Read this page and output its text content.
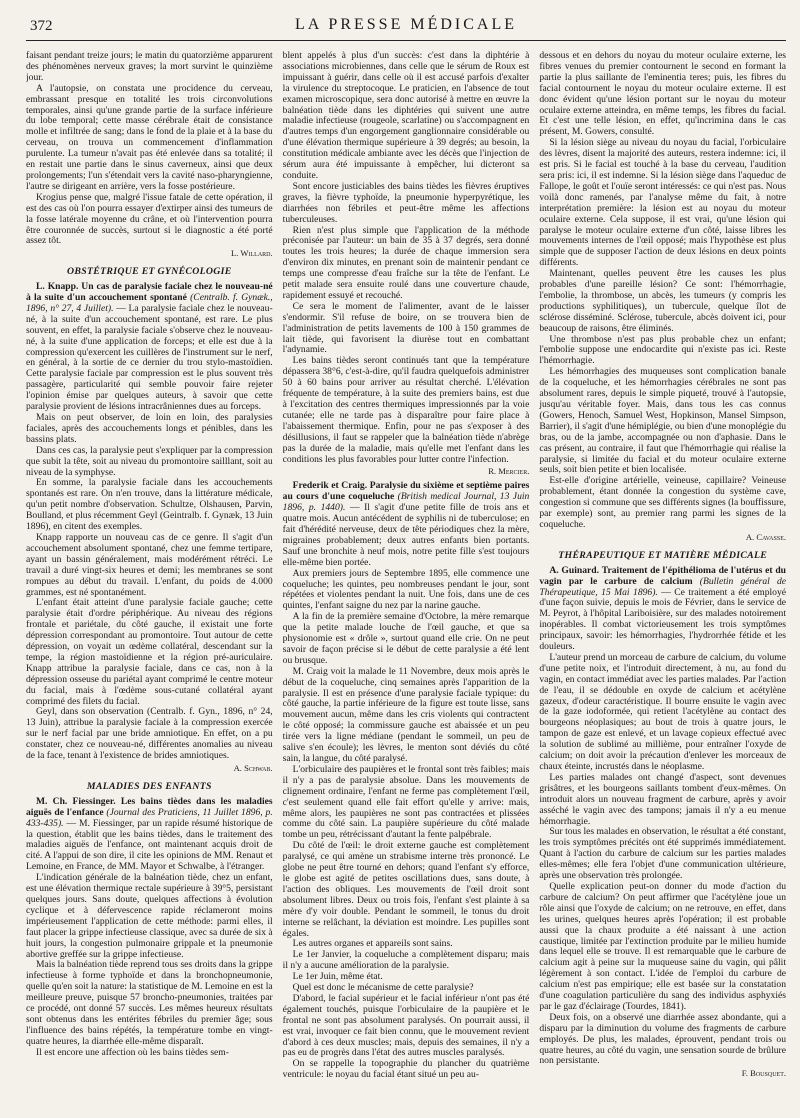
372	LA PRESSE MÉDICALE

faisant pendant treize jours; le matin du quatorzième apparurent des phénomènes nerveux graves; la mort survint le quinzième jour.

A l'autopsie, on constata une procidence du cerveau, embrassant presque en totalité les trois circonvolutions temporales, ainsi qu'une grande partie de la surface inférieure du lobe temporal; cette masse cérébrale était de consistance molle et infiltrée de sang; dans le fond de la plaie et à la base du cerveau, on trouva un commencement d'inflammation purulente. La tumeur n'avait pas été enlevée dans sa totalité; il en restait une partie dans le sinus caverneux, ainsi que deux prolongements; l'un s'étendait vers la cavité naso-pharyngienne, l'autre se dirigeant en arrière, vers la fosse postérieure.

Krogius pense que, malgré l'issue fatale de cette opération, il est des cas où l'on pourra essayer d'extirper ainsi des tumeurs de la fosse latérale moyenne du crâne, et où l'intervention pourra être couronnée de succès, surtout si le diagnostic a été porté assez tôt.

L. Willard.
OBSTÉTRIQUE ET GYNÉCOLOGIE

L. Knapp. Un cas de paralysie faciale chez le nouveau-né à la suite d'un accouchement spontané (Centralb. f. Gynæk., 1896, n° 27, 4 Juillet). — La paralysie faciale chez le nouveau-né, à la suite d'un accouchement spontané, est rare. Le plus souvent, en effet, la paralysie faciale s'observe chez le nouveau-né, à la suite d'une application de forceps; et elle est due à la compression qu'exercent les cuillères de l'instrument sur le nerf, en général, à la sortie de ce dernier du trou stylo-mastoïdien. Cette paralysie faciale par compression est le plus souvent très passagère, particularité qui semble pouvoir faire rejeter l'opinion émise par quelques auteurs, à savoir que cette paralysie provient de lésions intracrâniennes dues au forceps.

Mais on peut observer, de loin en loin, des paralysies faciales, après des accouchements longs et pénibles, dans les bassins plats.

Dans ces cas, la paralysie peut s'expliquer par la compression que subit la tête, soit au niveau du promontoire sailllant, soit au niveau de la symphyse.

En somme, la paralysie faciale dans les accouchements spontanés est rare. On n'en trouve, dans la littérature médicale, qu'un petit nombre d'observation. Schultze, Olshausen, Parvin, Boulland, et plus récemment Geyl (Geintralb. f. Gynæk, 13 Juin 1896), en citent des exemples.

Knapp rapporte un nouveau cas de ce genre. Il s'agit d'un accouchement absolument spontané, chez une femme tertipare, ayant un bassin généralement, mais modérément rétréci. Le travail a duré vingt-six heures et demi; les membranes se sont rompues au début du travail. L'enfant, du poids de 4.000 grammes, est né spontanément.

L'enfant était atteint d'une paralysie faciale gauche; cette paralysie était d'ordre périphérique. Au niveau des régions frontale et pariétale, du côté gauche, il existait une forte dépression correspondant au promontoire. Tout autour de cette dépression, on voyait un œdème collatéral, descendant sur la tempe, la région mastoïdienne et la région pré-auriculaire. Knapp attribue la paralysie faciale, dans ce cas, non à la dépression osseuse du pariétal ayant comprimé le centre moteur du facial, mais à l'œdème sous-cutané collatéral ayant comprimé des filets du facial.

Geyl, dans son observation (Centralb. f. Gyn., 1896, n° 24, 13 Juin), attribue la paralysie faciale à la compression exercée sur le nerf facial par une bride amniotique. En effet, on a pu constater, chez ce nouveau-né, différentes anomalies au niveau de la face, tenant à l'existence de brides amniotiques.

A. Schwab.
MALADIES DES ENFANTS

M. Ch. Fiessinger. Les bains tièdes dans les maladies aiguës de l'enfance (Journal des Praticiens, 11 Juillet 1896, p. 433-435). — M. Fiessinger, par un rapide résumé historique de la question, établit que les bains tièdes, dans le traitement des maladies aiguës de l'enfance, ont maintenant acquis droit de cité. A l'appui de son dire, il cite les opinions de MM. Renaut et Lemoine, en France, de MM. Mayor et Schwalbe, à l'étranger.

L'indication générale de la balnéation tiède, chez un enfant, est une élévation thermique rectale supérieure à 39°5, persistant quelques jours. Sans doute, quelques affections à évolution cyclique et à défervescence rapide réclameront moins impérieusement l'application de cette méthode: parmi elles, il faut placer la grippe infectieuse classique, avec sa durée de six à huit jours, la congestion pulmonaire grippale et la pneumonie abortive greffée sur la grippe infectieuse.

Mais la balnéation tiède reprend tous ses droits dans la grippe infectieuse à forme typhoïde et dans la bronchopneumonie, quelle qu'en soit la nature: la statistique de M. Lemoine en est la meilleure preuve, puisque 57 broncho-pneumonies, traitées par ce procédé, ont donné 57 succès. Les mêmes heureux résultats sont obtenus dans les entérites fébriles du premier âge; sous l'influence des bains répétés, la température tombe en vingt-quatre heures, la diarrhée elle-même disparaît.

Il est encore une affection où les bains tièdes sem-

blent appelés à plus d'un succès: c'est dans la diphtérie à associations microbiennes, dans celle que le sérum de Roux est impuissant à guérir, dans celle où il est accusé parfois d'exalter la virulence du streptocoque. Le praticien, en l'absence de tout examen microscopique, sera donc autorisé à mettre en œuvre la balnéation tiède dans les diphtéries qui suivent une autre maladie infectieuse (rougeole, scarlatine) ou s'accompagnent en d'autres temps d'un engorgement ganglionnaire considérable ou d'une élévation thermique supérieure à 39 degrés; au besoin, la constitution médicale ambiante avec les décès que l'injection de sérum aura été impuissante à empêcher, lui dicteront sa conduite.

Sont encore justiciables des bains tièdes les fièvres éruptives graves, la fièvre typhoïde, la pneumonie hyperpyrétique, les diarrhées non fébriles et peut-être même les affections tuberculeuses.

Rien n'est plus simple que l'application de la méthode préconisée par l'auteur: un bain de 35 à 37 degrés, sera donné toutes les trois heures; la durée de chaque immersion sera d'environ dix minutes, en prenant soin de maintenir pendant ce temps une compresse d'eau fraîche sur la tête de l'enfant. Le petit malade sera ensuite roulé dans une couverture chaude, rapidement essuyé et recouché.

Ce sera le moment de l'alimenter, avant de le laisser s'endormir. S'il refuse de boire, on se trouvera bien de l'administration de petits lavements de 100 à 150 grammes de lait tiède, qui favorisent la diurèse tout en combattant l'adynamie.

Les bains tièdes seront continués tant que la température dépassera 38°6, c'est-à-dire, qu'il faudra quelquefois administrer 50 à 60 bains pour arriver au résultat cherché. L'élévation fréquente de température, à la suite des premiers bains, est due à l'excitation des centres thermiques impressionnés par la voie cutanée; elle ne tarde pas à disparaître pour faire place à l'abaissement thermique. Enfin, pour ne pas s'exposer à des désillusions, il faut se rappeler que la balnéation tiède n'abrège pas la durée de la maladie, mais qu'elle met l'enfant dans les conditions les plus favorables pour lutter contre l'infection.

R. Mercier.

Frederik et Craig. Paralysie du sixième et septième paires au cours d'une coqueluche (British medical Journal, 13 Juin 1896, p. 1440). — Il s'agit d'une petite fille de trois ans et quatre mois. Aucun antécédent de syphilis ni de tuberculose; en fait d'hérédité nerveuse, deux de tête périodiques chez la mère, migraines probablement; deux autres enfants bien portants. Sauf une bronchite à neuf mois, notre petite fille s'est toujours elle-même bien portée.

Aux premiers jours de Septembre 1895, elle commence une coqueluche; les quintes, peu nombreuses pendant le jour, sont répétées et violentes pendant la nuit. Une fois, dans une de ces quintes, l'enfant saigne du nez par la narine gauche.

A la fin de la première semaine d'Octobre, la mère remarque que la petite malade louche de l'œil gauche, et que sa physionomie est « drôle », surtout quand elle crie. On ne peut savoir de façon précise si le début de cette paralysie a été lent ou brusque.

M. Craig voit la malade le 11 Novembre, deux mois après le début de la coqueluche, cinq semaines après l'apparition de la paralysie. Il est en présence d'une paralysie faciale typique: du côté gauche, la partie inférieure de la figure est toute lisse, sans mouvement aucun, même dans les cris violents qui contractent le côté opposé; la commissure gauche est abaissée et un peu tirée vers la ligne médiane (pendant le sommeil, un peu de salive s'en écoule); les lèvres, le menton sont déviés du côté sain, la langue, du côté paralysé.

L'orbiculaire des paupières et le frontal sont très faibles; mais il n'y a pas de paralysie absolue. Dans les mouvements de clignement ordinaire, l'enfant ne ferme pas complètement l'œil, c'est seulement quand elle fait effort qu'elle y arrive: mais, même alors, les paupières ne sont pas contractées et plissées comme du côté sain. La paupière supérieure du côté malade tombe un peu, rétrécissant d'autant la fente palpébrale.

Du côté de l'œil: le droit externe gauche est complètement paralysé, ce qui amène un strabisme interne très prononcé. Le globe ne peut être tourné en dehors; quand l'enfant s'y efforce, le globe est agité de petites oscillations dues, sans doute, à l'action des obliques. Les mouvements de l'œil droit sont absolument libres. Deux ou trois fois, l'enfant s'est plainte à sa mère d'y voir double. Pendant le sommeil, le tonus du droit interne se relâchant, la déviation est moindre. Les pupilles sont égales.

Les autres organes et appareils sont sains.

Le 1er Janvier, la coqueluche a complètement disparu; mais il n'y a aucune amélioration de la paralysie.

Le 1er Juin, même état.

Quel est donc le mécanisme de cette paralysie?

D'abord, le facial supérieur et le facial inférieur n'ont pas été également touchés, puisque l'orbiculaire de la paupière et le frontal ne sont pas absolument paralysés. On pourrait aussi, il est vrai, invoquer ce fait bien connu, que le mouvement revient d'abord à ces deux muscles; mais, depuis des semaines, il n'y a pas eu de progrès dans l'état des autres muscles paralysés.

On se rappelle la topographie du plancher du quatrième ventricule: le noyau du facial étant situé un peu au-

dessous et en dehors du noyau du moteur oculaire externe, les fibres venues du premier contournent le second en formant la partie la plus saillante de l'eminentia teres; puis, les fibres du facial contournent le noyau du moteur oculaire externe. Il est donc évident qu'une lésion portant sur le noyau du moteur oculaire externe atteindra, en même temps, les fibres du facial. Et c'est une telle lésion, en effet, qu'incrimina dans le cas présent, M. Gowers, consulté.

Si la lésion siège au niveau du noyau du facial, l'orbiculaire des lèvres, disent la majorité des auteurs, restera indemne: ici, il est pris. Si le facial est touché à la base du cerveau, l'audition sera pris: ici, il est indemne. Si la lésion siège dans l'aqueduc de Fallope, le goût et l'ouïe seront intéressés: ce qui n'est pas. Nous voilà donc ramenés, par l'analyse même du fait, à notre interprétation première: la lésion est au noyau du moteur oculaire externe. Cela suppose, il est vrai, qu'une lésion qui paralyse le moteur oculaire externe d'un côté, laisse libres les mouvements internes de l'œil opposé; mais l'hypothèse est plus simple que de supposer l'action de deux lésions en deux points différents.

Maintenant, quelles peuvent être les causes les plus probables d'une pareille lésion? Ce sont: l'hémorrhagie, l'embolie, la thrombose, un abcès, les tumeurs (y compris les productions syphilitiques), un tubercule, quelque îlot de sclérose disséminé. Sclérose, tubercule, abcès doivent ici, pour beaucoup de raisons, être éliminés.

Une thrombose n'est pas plus probable chez un enfant; l'embolie suppose une endocardite qui n'existe pas ici. Reste l'hémorrhagie.

Les hémorrhagies des muqueuses sont complication banale de la coqueluche, et les hémorrhagies cérébrales ne sont pas absolument rares, depuis le simple piqueté, trouvé à l'autopsie, jusqu'au véritable foyer. Mais, dans tous les cas connus (Gowers, Henoch, Samuel West, Hopkinson, Mansel Simpson, Barrier), il s'agit d'une hémiplégie, ou bien d'une monoplégie du bras, ou de la jambe, accompagnée ou non d'aphasie. Dans le cas présent, au contraire, il faut que l'hémorrhagie qui réalise la paralysie, si limitée du facial et du moteur oculaire externe seuls, soit bien petite et bien localisée.

Est-elle d'origine artérielle, veineuse, capillaire? Veineuse probablement, étant donnée la congestion du système cave, congestion si commune que ses différents signes (la bouffissure, par exemple) sont, au premier rang parmi les signes de la coqueluche.

A. Cavasse.
THÉRAPEUTIQUE ET MATIÈRE MÉDICALE

A. Guinard. Traitement de l'épithélioma de l'utérus et du vagin par le carbure de calcium (Bulletin général de Thérapeutique, 15 Mai 1896). — Ce traitement a été employé d'une façon suivie, depuis le mois de Février, dans le service de M. Peyrot, à l'hôpital Lariboisière, sur des malades notoirement inopérables. Il combat victorieusement les trois symptômes principaux, savoir: les hémorrhagies, l'hydrorrhée fétide et les douleurs.

L'auteur prend un morceau de carbure de calcium, du volume d'une petite noix, et l'introduit directement, à nu, au fond du vagin, en contact immédiat avec les parties malades. Par l'action de l'eau, il se dédouble en oxyde de calcium et acétylène gazeux, d'odeur caractéristique. Il bourre ensuite le vagin avec de la gaze iodoformée, qui retient l'acétylène au contact des bourgeons néoplasiques; au bout de trois à quatre jours, le tampon de gaze est enlevé, et un lavage copieux effectué avec la solution de sublimé au millième, pour entraîner l'oxyde de calcium; on doit avoir la précaution d'enlever les morceaux de chaux éteinte, incrustés dans le néoplasme.

Les parties malades ont changé d'aspect, sont devenues grisâtres, et les bourgeons saillants tombent d'eux-mêmes. On introduit alors un nouveau fragment de carbure, après y avoir asséché le vagin avec des tampons; jamais il n'y a eu menue hémorrhagie.

Sur tous les malades en observation, le résultat a été constant, les trois symptômes précités ont été supprimés immédiatement. Quant à l'action du carbure de calcium sur les parties malades elles-mêmes; elle fera l'objet d'une communication ultérieure, après une observation très prolongée.

Quelle explication peut-on donner du mode d'action du carbure de calcium? On peut affirmer que l'acétylène joue un rôle ainsi que l'oxyde de calcium; on ne retrouve, en effet, dans les urines, quelques heures après l'opération; il est probable aussi que la chaux produite a été naissant à une action caustique, limitée par l'extinction produite par le milieu humide dans lequel elle se trouve. Il est remarquable que le carbure de calcium agit à peine sur la muqueuse saine du vagin, qui pâlit légèrement à son contact. L'idée de l'emploi du carbure de calcium n'est pas empirique; elle est basée sur la constatation d'une coagulation particulière du sang des individus asphyxiés par le gaz d'éclairage (Tourdes, 1841).

Deux fois, on a observé une diarrhée assez abondante, qui a disparu par la diminution du volume des fragments de carbure employés. De plus, les malades, éprouvent, pendant trois ou quatre heures, au côté du vagin, une sensation sourde de brûlure non persistante.

F. Bousquet.
